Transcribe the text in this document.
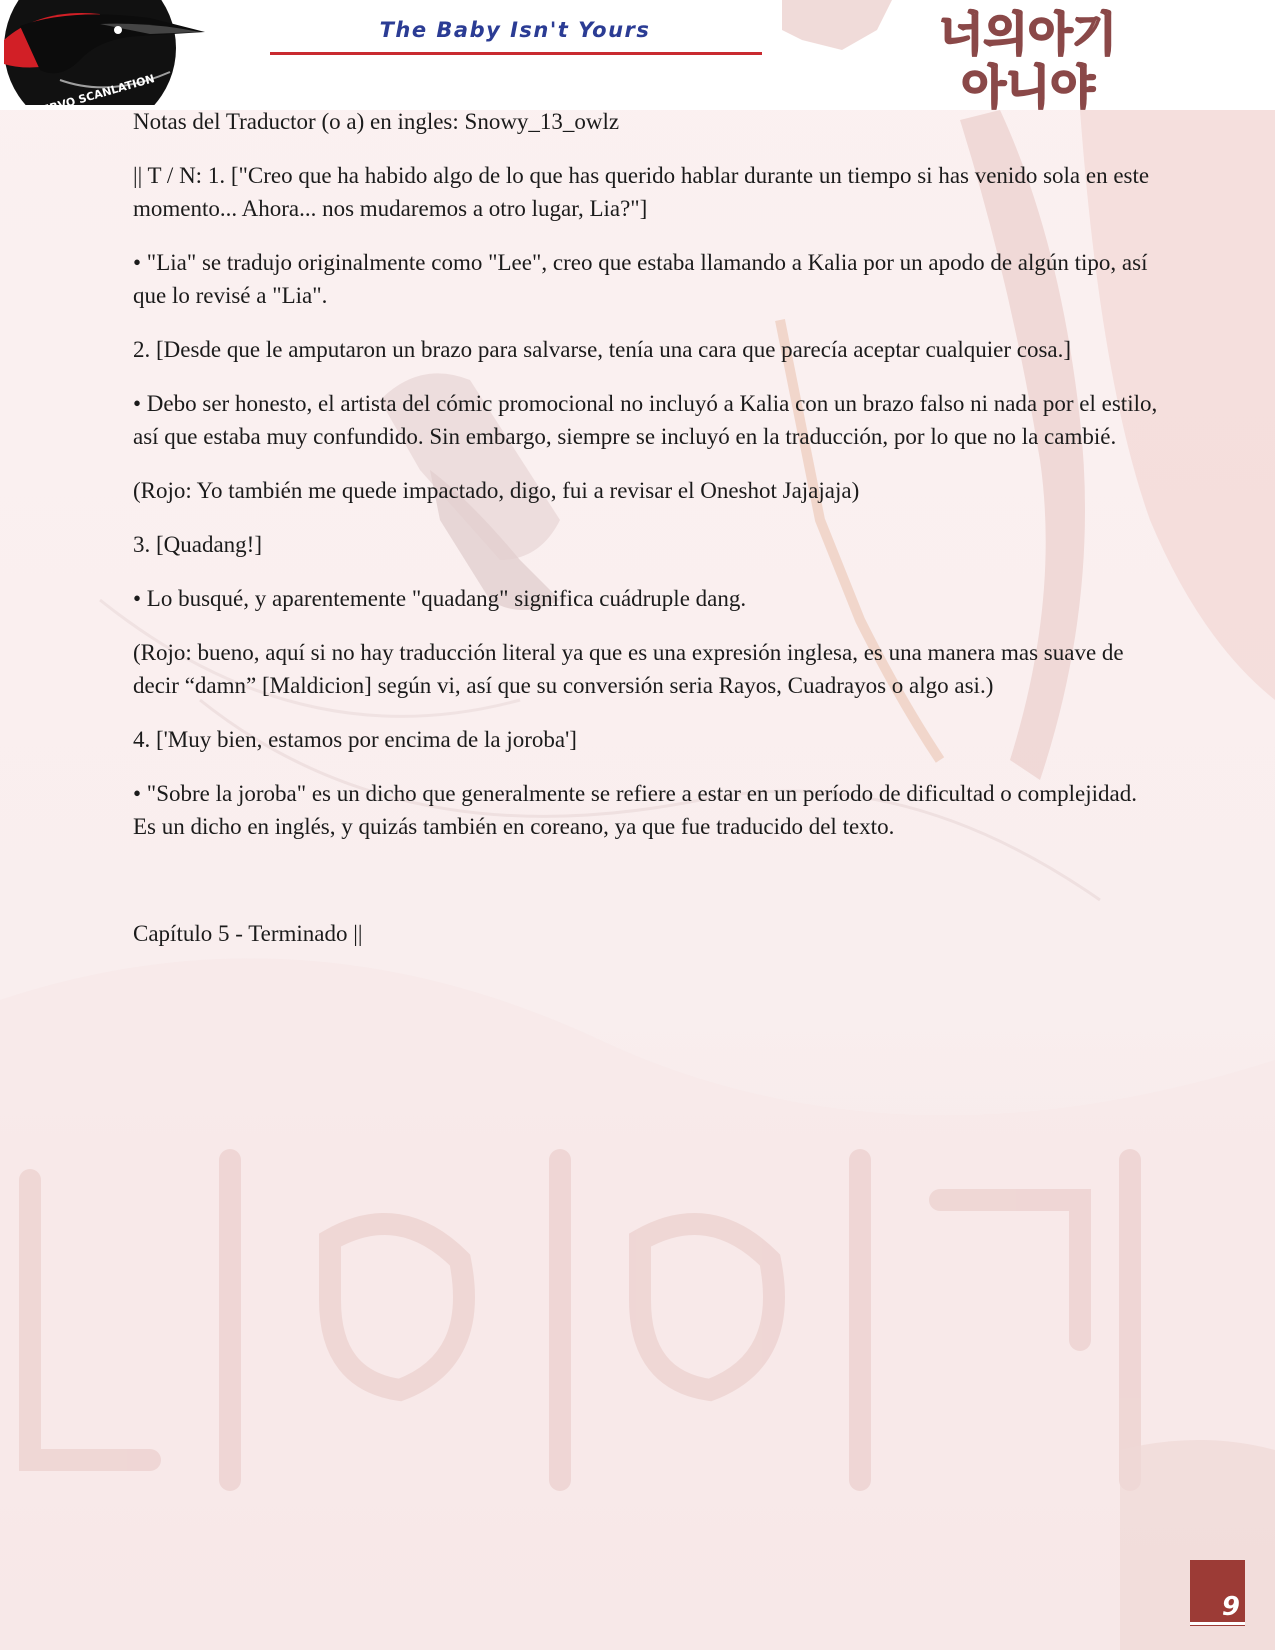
The Baby Isn't Yours	너의아기
아니야

Notas del Traductor (o a) en ingles: Snowy_13_owlz

|| T / N: 1. ["Creo que ha habido algo de lo que has querido hablar durante un tiempo si has venido sola en este momento... Ahora... nos mudaremos a otro lugar, Lia?"]

• "Lia" se tradujo originalmente como "Lee", creo que estaba llamando a Kalia por un apodo de algún tipo, así que lo revisé a "Lia".

2. [Desde que le amputaron un brazo para salvarse, tenía una cara que parecía aceptar cualquier cosa.]

• Debo ser honesto, el artista del cómic promocional no incluyó a Kalia con un brazo falso ni nada por el estilo, así que estaba muy confundido. Sin embargo, siempre se incluyó en la traducción, por lo que no la cambié.

(Rojo: Yo también me quede impactado, digo, fui a revisar el Oneshot Jajajaja)

3. [Quadang!]

• Lo busqué, y aparentemente "quadang" significa cuádruple dang.

(Rojo: bueno, aquí si no hay traducción literal ya que es una expresión inglesa, es una manera mas suave de decir “damn” [Maldicion] según vi, así que su conversión seria Rayos, Cuadrayos o algo asi.)

4. ['Muy bien, estamos por encima de la joroba']

• "Sobre la joroba" es un dicho que generalmente se refiere a estar en un período de dificultad o complejidad. Es un dicho en inglés, y quizás también en coreano, ya que fue traducido del texto.

Capítulo 5 - Terminado ||

9
